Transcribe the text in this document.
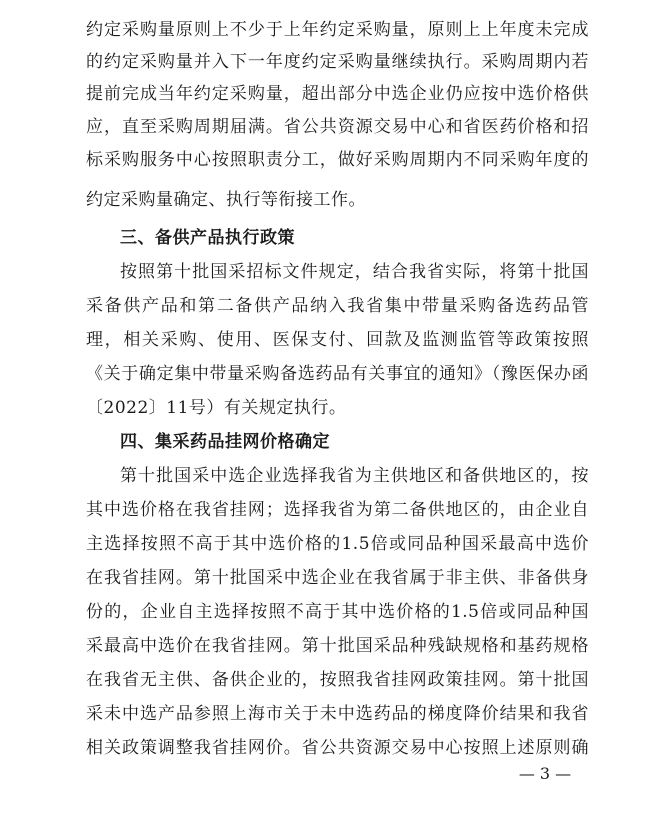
约定采购量原则上不少于上年约定采购量，原则上上年度未完成
的约定采购量并入下一年度约定采购量继续执行。采购周期内若
提前完成当年约定采购量，超出部分中选企业仍应按中选价格供
应，直至采购周期届满。省公共资源交易中心和省医药价格和招
标采购服务中心按照职责分工，做好采购周期内不同采购年度的
约定采购量确定、执行等衔接工作。
三、备供产品执行政策
按照第十批国采招标文件规定，结合我省实际，将第十批国
采备供产品和第二备供产品纳入我省集中带量采购备选药品管
理，相关采购、使用、医保支付、回款及监测监管等政策按照
《关于确定集中带量采购备选药品有关事宜的通知》（豫医保办函
〔2022〕11号）有关规定执行。
四、集采药品挂网价格确定
第十批国采中选企业选择我省为主供地区和备供地区的，按
其中选价格在我省挂网；选择我省为第二备供地区的，由企业自
主选择按照不高于其中选价格的1.5倍或同品种国采最高中选价
在我省挂网。第十批国采中选企业在我省属于非主供、非备供身
份的，企业自主选择按照不高于其中选价格的1.5倍或同品种国
采最高中选价在我省挂网。第十批国采品种残缺规格和基药规格
在我省无主供、备供企业的，按照我省挂网政策挂网。第十批国
采未中选产品参照上海市关于未中选药品的梯度降价结果和我省
相关政策调整我省挂网价。省公共资源交易中心按照上述原则确
— 3 —
